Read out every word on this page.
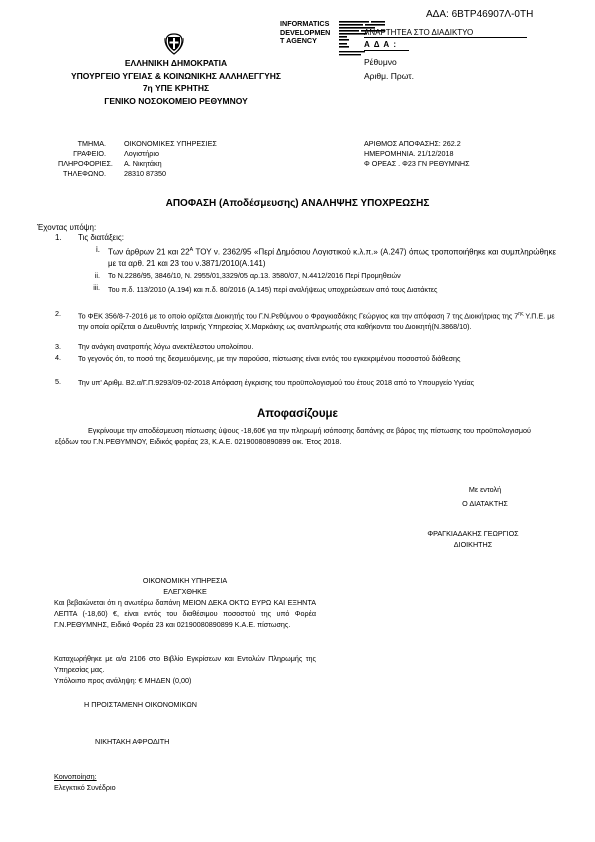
ΑΔΑ: 6ΒΤΡ46907Λ-0ΤΗ
INFORMATICS
DEVELOPMEN
T AGENCY
ΑΝΑΡΤΗΤΕΑ ΣΤΟ ΔΙΑΔΙΚΤΥΟ
Α Δ Α :
ΕΛΛΗΝΙΚΗ ΔΗΜΟΚΡΑΤΙΑ
ΥΠΟΥΡΓΕΙΟ ΥΓΕΙΑΣ & ΚΟΙΝΩΝΙΚΗΣ ΑΛΛΗΛΕΓΓΥΗΣ
7η ΥΠΕ ΚΡΗΤΗΣ
ΓΕΝΙΚΟ ΝΟΣΟΚΟΜΕΙΟ ΡΕΘΥΜΝΟΥ
Ρέθυμνο
Αριθμ. Πρωτ.
ΤΜΗΜΑ.
ΓΡΑΦΕΙΟ.
ΠΛΗΡΟΦΟΡΙΕΣ.
ΤΗΛΕΦΩΝΟ.
ΟΙΚΟΝΟΜΙΚΕΣ ΥΠΗΡΕΣΙΕΣ
Λογιστήριο
Α. Νικητάκη
28310 87350
ΑΡΙΘΜΟΣ ΑΠΟΦΑΣΗΣ: 262.2
ΗΜΕΡΟΜΗΝΙΑ. 21/12/2018
Φ ΟΡΕΑΣ . Φ23 ΓΝ ΡΕΘΥΜΝΗΣ
ΑΠΟΦΑΣΗ (Αποδέσμευσης) ΑΝΑΛΗΨΗΣ ΥΠΟΧΡΕΩΣΗΣ
Έχοντας υπόψη:
1. Τις διατάξεις:
i. Των άρθρων 21 και $22^A$ ΤΟΥ ν. 2362/95 «Περί Δημόσιου Λογιστικού κ.λ.π.» (Α.247) όπως τροποποιήθηκε και συμπληρώθηκε με τα αρθ. 21 και 23 του ν.3871/2010(Α.141)
ii. Το Ν.2286/95, 3846/10, Ν. 2955/01,3329/05 αρ.13. 3580/07, Ν.4412/2016 Περί Προμηθειών
iii. Του π.δ. 113/2010 (Α.194) και π.δ. 80/2016 (Α.145) περί αναλήψεως υποχρεώσεων από τους Διατάκτες
2. Το ΦΕΚ 356/8-7-2016 με το οποίο ορίζεται Διοικητής του Γ.Ν.Ρεθύμνου ο Φραγκιαδάκης Γεώργιος και την απόφαση 7 της Διοικήτριας της $7^{\eta\varsigma}$ Υ.Π.Ε. με την οποία ορίζεται ο Διευθυντής Ιατρικής Υπηρεσίας Χ.Μαρκάκης ως αναπληρωτής στα καθήκοντα του Διοικητή(Ν.3868/10).
3. Την ανάγκη ανατροπής λόγω ανεκτέλεστου υπολοίπου.
4. Το γεγονός ότι, το ποσό της δεσμευόμενης, με την παρούσα, πίστωσης είναι εντός του εγκεκριμένου ποσοστού διάθεσης
5. Την υπ' Αριθμ. Β2.α/Γ.Π.9293/09-02-2018 Απόφαση έγκρισης του προϋπολογισμού του έτους 2018 από το Υπουργείο Υγείας
Αποφασίζουμε
Εγκρίνουμε την αποδέσμευση πίστωσης ύψους -18,60€ για την πληρωμή ισόποσης δαπάνης σε βάρος της πίστωσης του προϋπολογισμού εξόδων του Γ.Ν.ΡΕΘΥΜΝΟΥ, Ειδικός φορέας 23, Κ.Α.Ε. 02190080890899 οικ. Έτος 2018.
Με εντολή
Ο ΔΙΑΤΑΚΤΗΣ
ΦΡΑΓΚΙΑΔΑΚΗΣ ΓΕΩΡΓΙΟΣ
ΔΙΟΙΚΗΤΗΣ
ΟΙΚΟΝΟΜΙΚΗ ΥΠΗΡΕΣΙΑ
ΕΛΕΓΧΘΗΚΕ
Και βεβαιώνεται ότι η ανωτέρω δαπάνη ΜΕΙΟΝ ΔΕΚΑ ΟΚΤΩ ΕΥΡΩ ΚΑΙ ΕΞΗΝΤΑ ΛΕΠΤΑ (-18,60) €, είναι εντός του διαθέσιμου ποσοστού της υπό Φορέα Γ.Ν.ΡΕΘΥΜΝΗΣ, Ειδικό Φορέα 23 και 02190080890899 Κ.Α.Ε. πίστωσης.
Καταχωρήθηκε με α/α 2106 στο Βιβλίο Εγκρίσεων και Εντολών Πληρωμής της Υπηρεσίας μας.
Υπόλοιπο προς ανάληψη: € ΜΗΔΕΝ (0,00)
Η ΠΡΟΙΣΤΑΜΕΝΗ ΟΙΚΟΝΟΜΙΚΩΝ
ΝΙΚΗΤΑΚΗ ΑΦΡΟΔΙΤΗ
Κοινοποίηση:
Ελεγκτικό Συνέδριο
